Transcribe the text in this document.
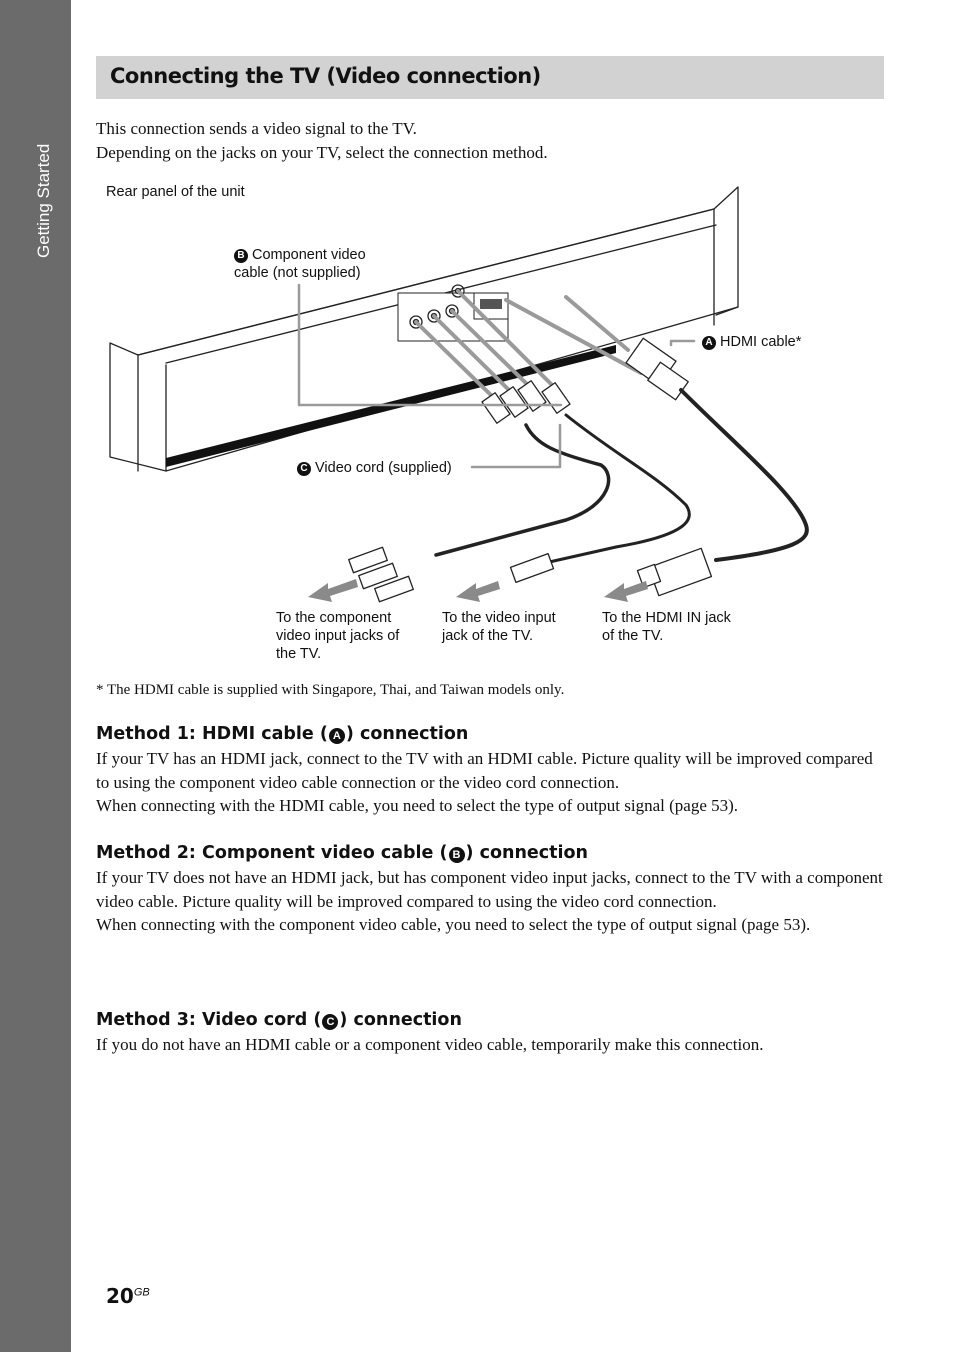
Getting Started
Connecting the TV (Video connection)
This connection sends a video signal to the TV.
Depending on the jacks on your TV, select the connection method.
Rear panel of the unit
B Component video
cable (not supplied)
A HDMI cable*
C Video cord (supplied)
To the component
video input jacks of
the TV.
To the video input
jack of the TV.
To the HDMI IN jack
of the TV.
* The HDMI cable is supplied with Singapore, Thai, and Taiwan models only.
Method 1: HDMI cable ( A ) connection

If your TV has an HDMI jack, connect to the TV with an HDMI cable. Picture quality will be improved compared to using the component video cable connection or the video cord connection.

When connecting with the HDMI cable, you need to select the type of output signal (page 53).

Method 2: Component video cable ( B ) connection

If your TV does not have an HDMI jack, but has component video input jacks, connect to the TV with a component video cable. Picture quality will be improved compared to using the video cord connection.

When connecting with the component video cable, you need to select the type of output signal (page 53).

Method 3: Video cord ( C ) connection

If you do not have an HDMI cable or a component video cable, temporarily make this connection.

$20^{GB}$
